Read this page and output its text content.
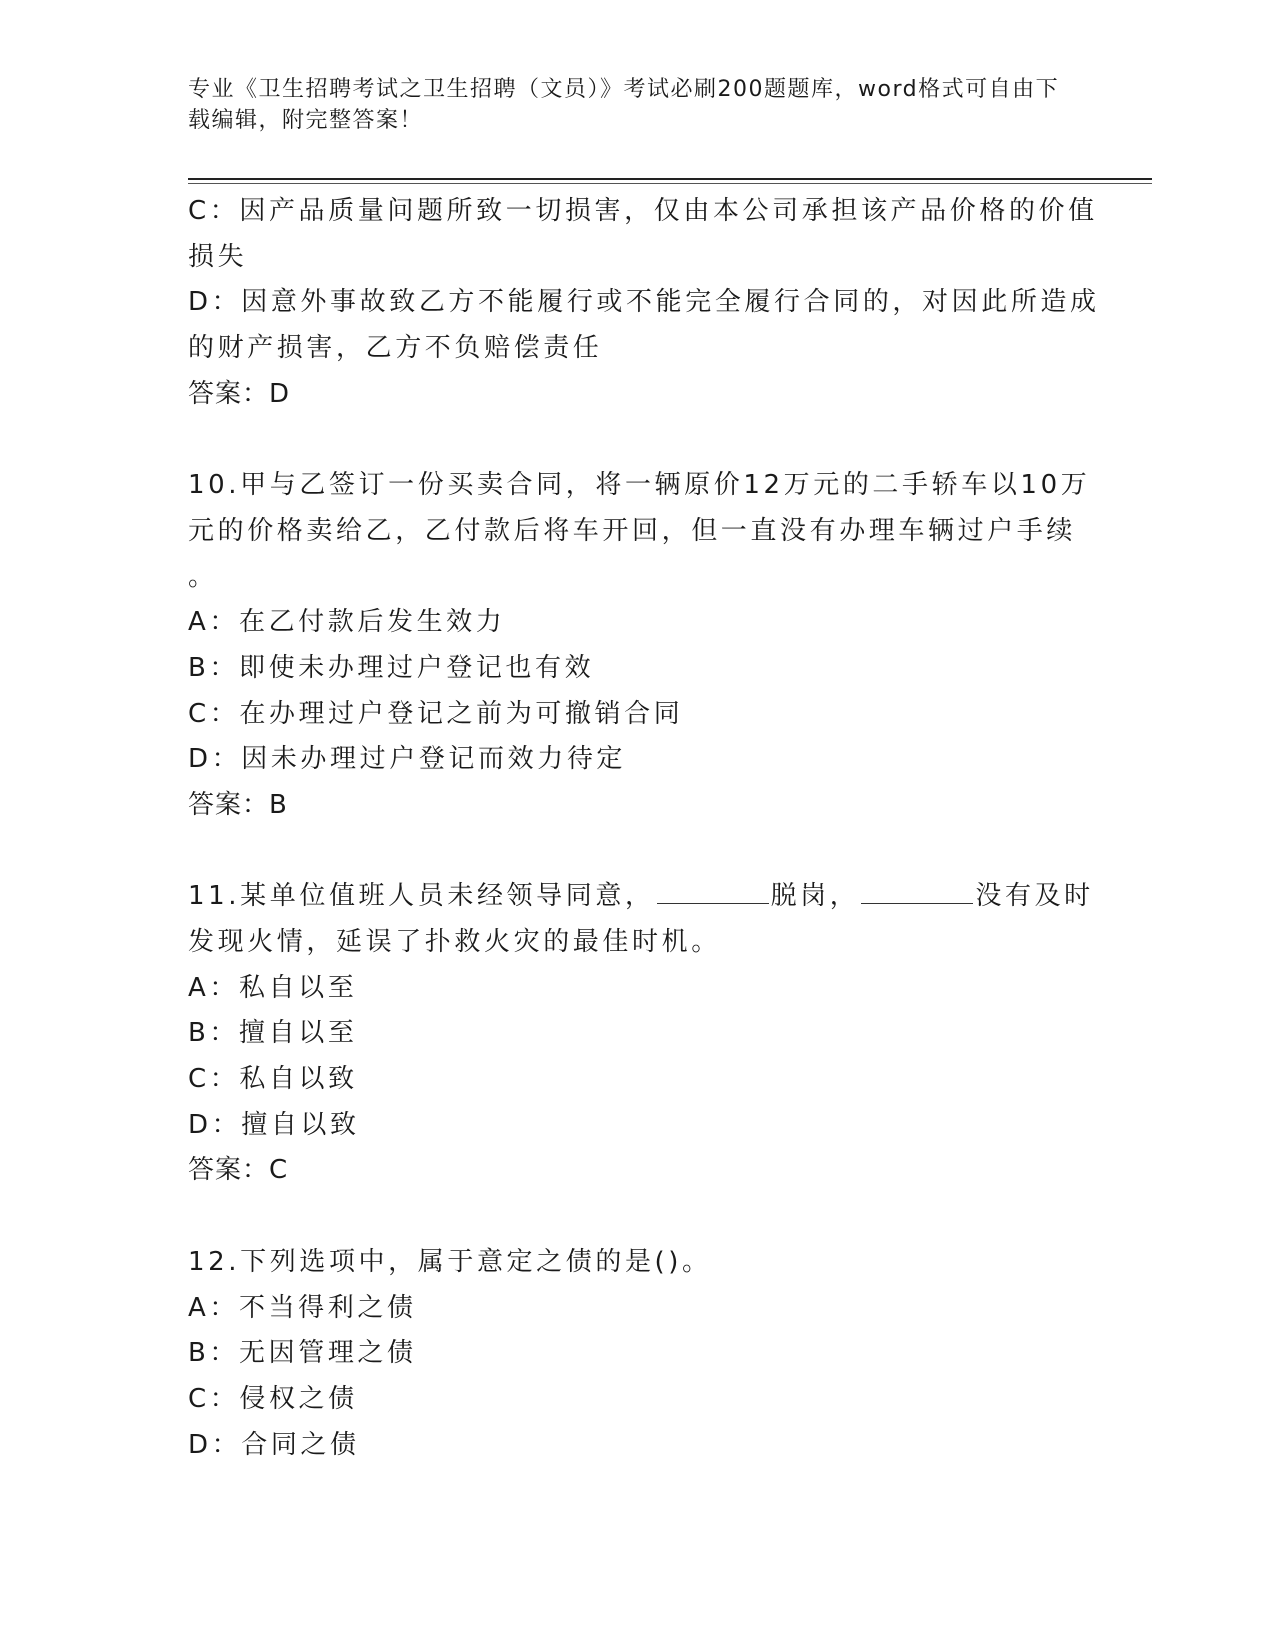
专业《卫生招聘考试之卫生招聘（文员）》考试必刷200题题库，word格式可自由下载编辑，附完整答案！
C：因产品质量问题所致一切损害，仅由本公司承担该产品价格的价值
损失
D：因意外事故致乙方不能履行或不能完全履行合同的，对因此所造成
的财产损害，乙方不负赔偿责任
答案：D
10.甲与乙签订一份买卖合同，将一辆原价12万元的二手轿车以10万
元的价格卖给乙，乙付款后将车开回，但一直没有办理车辆过户手续
。
A：在乙付款后发生效力
B：即使未办理过户登记也有效
C：在办理过户登记之前为可撤销合同
D：因未办理过户登记而效力待定
答案：B
11.某单位值班人员未经领导同意，	脱岗，	没有及时
发现火情，延误了扑救火灾的最佳时机。
A：私自以至
B：擅自以至
C：私自以致
D：擅自以致
答案：C
12.下列选项中，属于意定之债的是()。
A：不当得利之债
B：无因管理之债
C：侵权之债
D：合同之债
